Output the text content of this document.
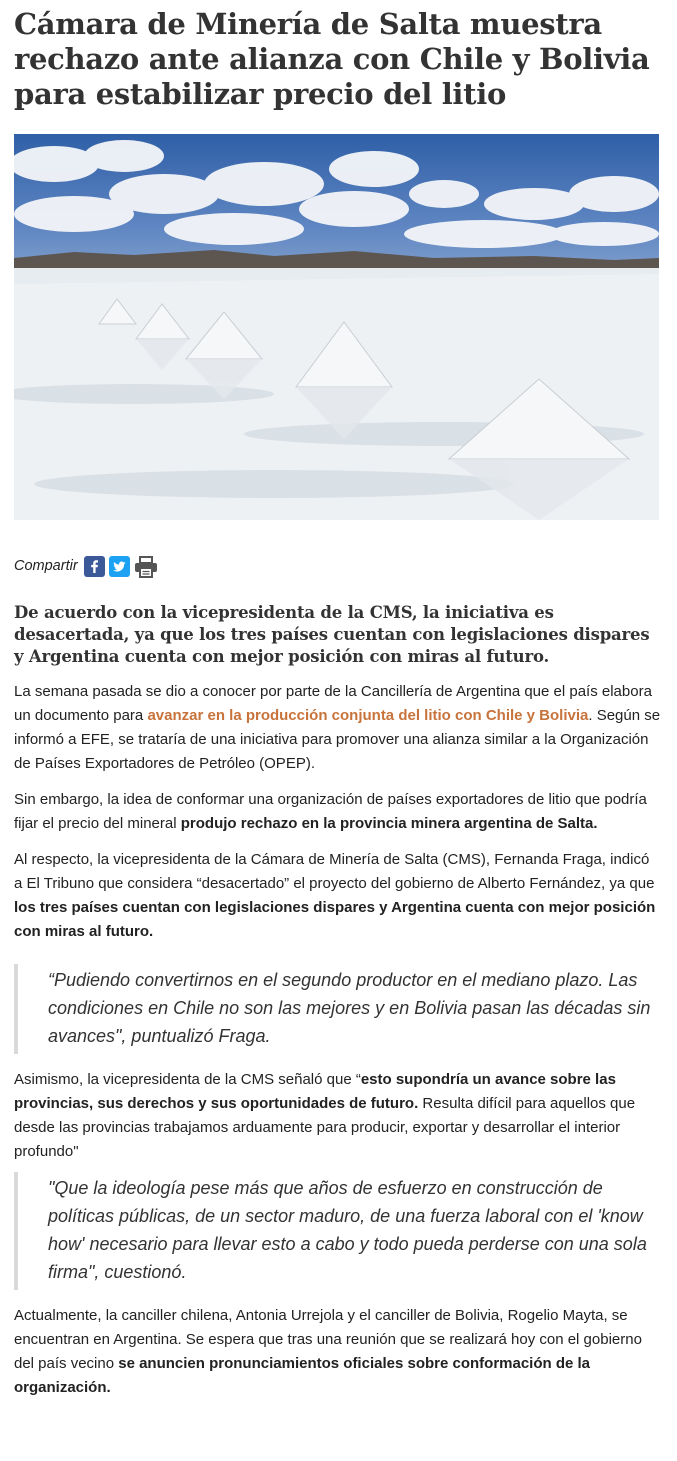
Cámara de Minería de Salta muestra rechazo ante alianza con Chile y Bolivia para estabilizar precio del litio
Compartir

De acuerdo con la vicepresidenta de la CMS, la iniciativa es desacertada, ya que los tres países cuentan con legislaciones dispares y Argentina cuenta con mejor posición con miras al futuro.

La semana pasada se dio a conocer por parte de la Cancillería de Argentina que el país elabora un documento para avanzar en la producción conjunta del litio con Chile y Bolivia. Según se informó a EFE, se trataría de una iniciativa para promover una alianza similar a la Organización de Países Exportadores de Petróleo (OPEP).

Sin embargo, la idea de conformar una organización de países exportadores de litio que podría fijar el precio del mineral produjo rechazo en la provincia minera argentina de Salta.

Al respecto, la vicepresidenta de la Cámara de Minería de Salta (CMS), Fernanda Fraga, indicó a El Tribuno que considera “desacertado” el proyecto del gobierno de Alberto Fernández, ya que los tres países cuentan con legislaciones dispares y Argentina cuenta con mejor posición con miras al futuro.

“Pudiendo convertirnos en el segundo productor en el mediano plazo. Las condiciones en Chile no son las mejores y en Bolivia pasan las décadas sin avances", puntualizó Fraga.

Asimismo, la vicepresidenta de la CMS señaló que “esto supondría un avance sobre las provincias, sus derechos y sus oportunidades de futuro. Resulta difícil para aquellos que desde las provincias trabajamos arduamente para producir, exportar y desarrollar el interior profundo"

"Que la ideología pese más que años de esfuerzo en construcción de políticas públicas, de un sector maduro, de una fuerza laboral con el 'know how' necesario para llevar esto a cabo y todo pueda perderse con una sola firma", cuestionó.

Actualmente, la canciller chilena, Antonia Urrejola y el canciller de Bolivia, Rogelio Mayta, se encuentran en Argentina. Se espera que tras una reunión que se realizará hoy con el gobierno del país vecino se anuncien pronunciamientos oficiales sobre conformación de la organización.
